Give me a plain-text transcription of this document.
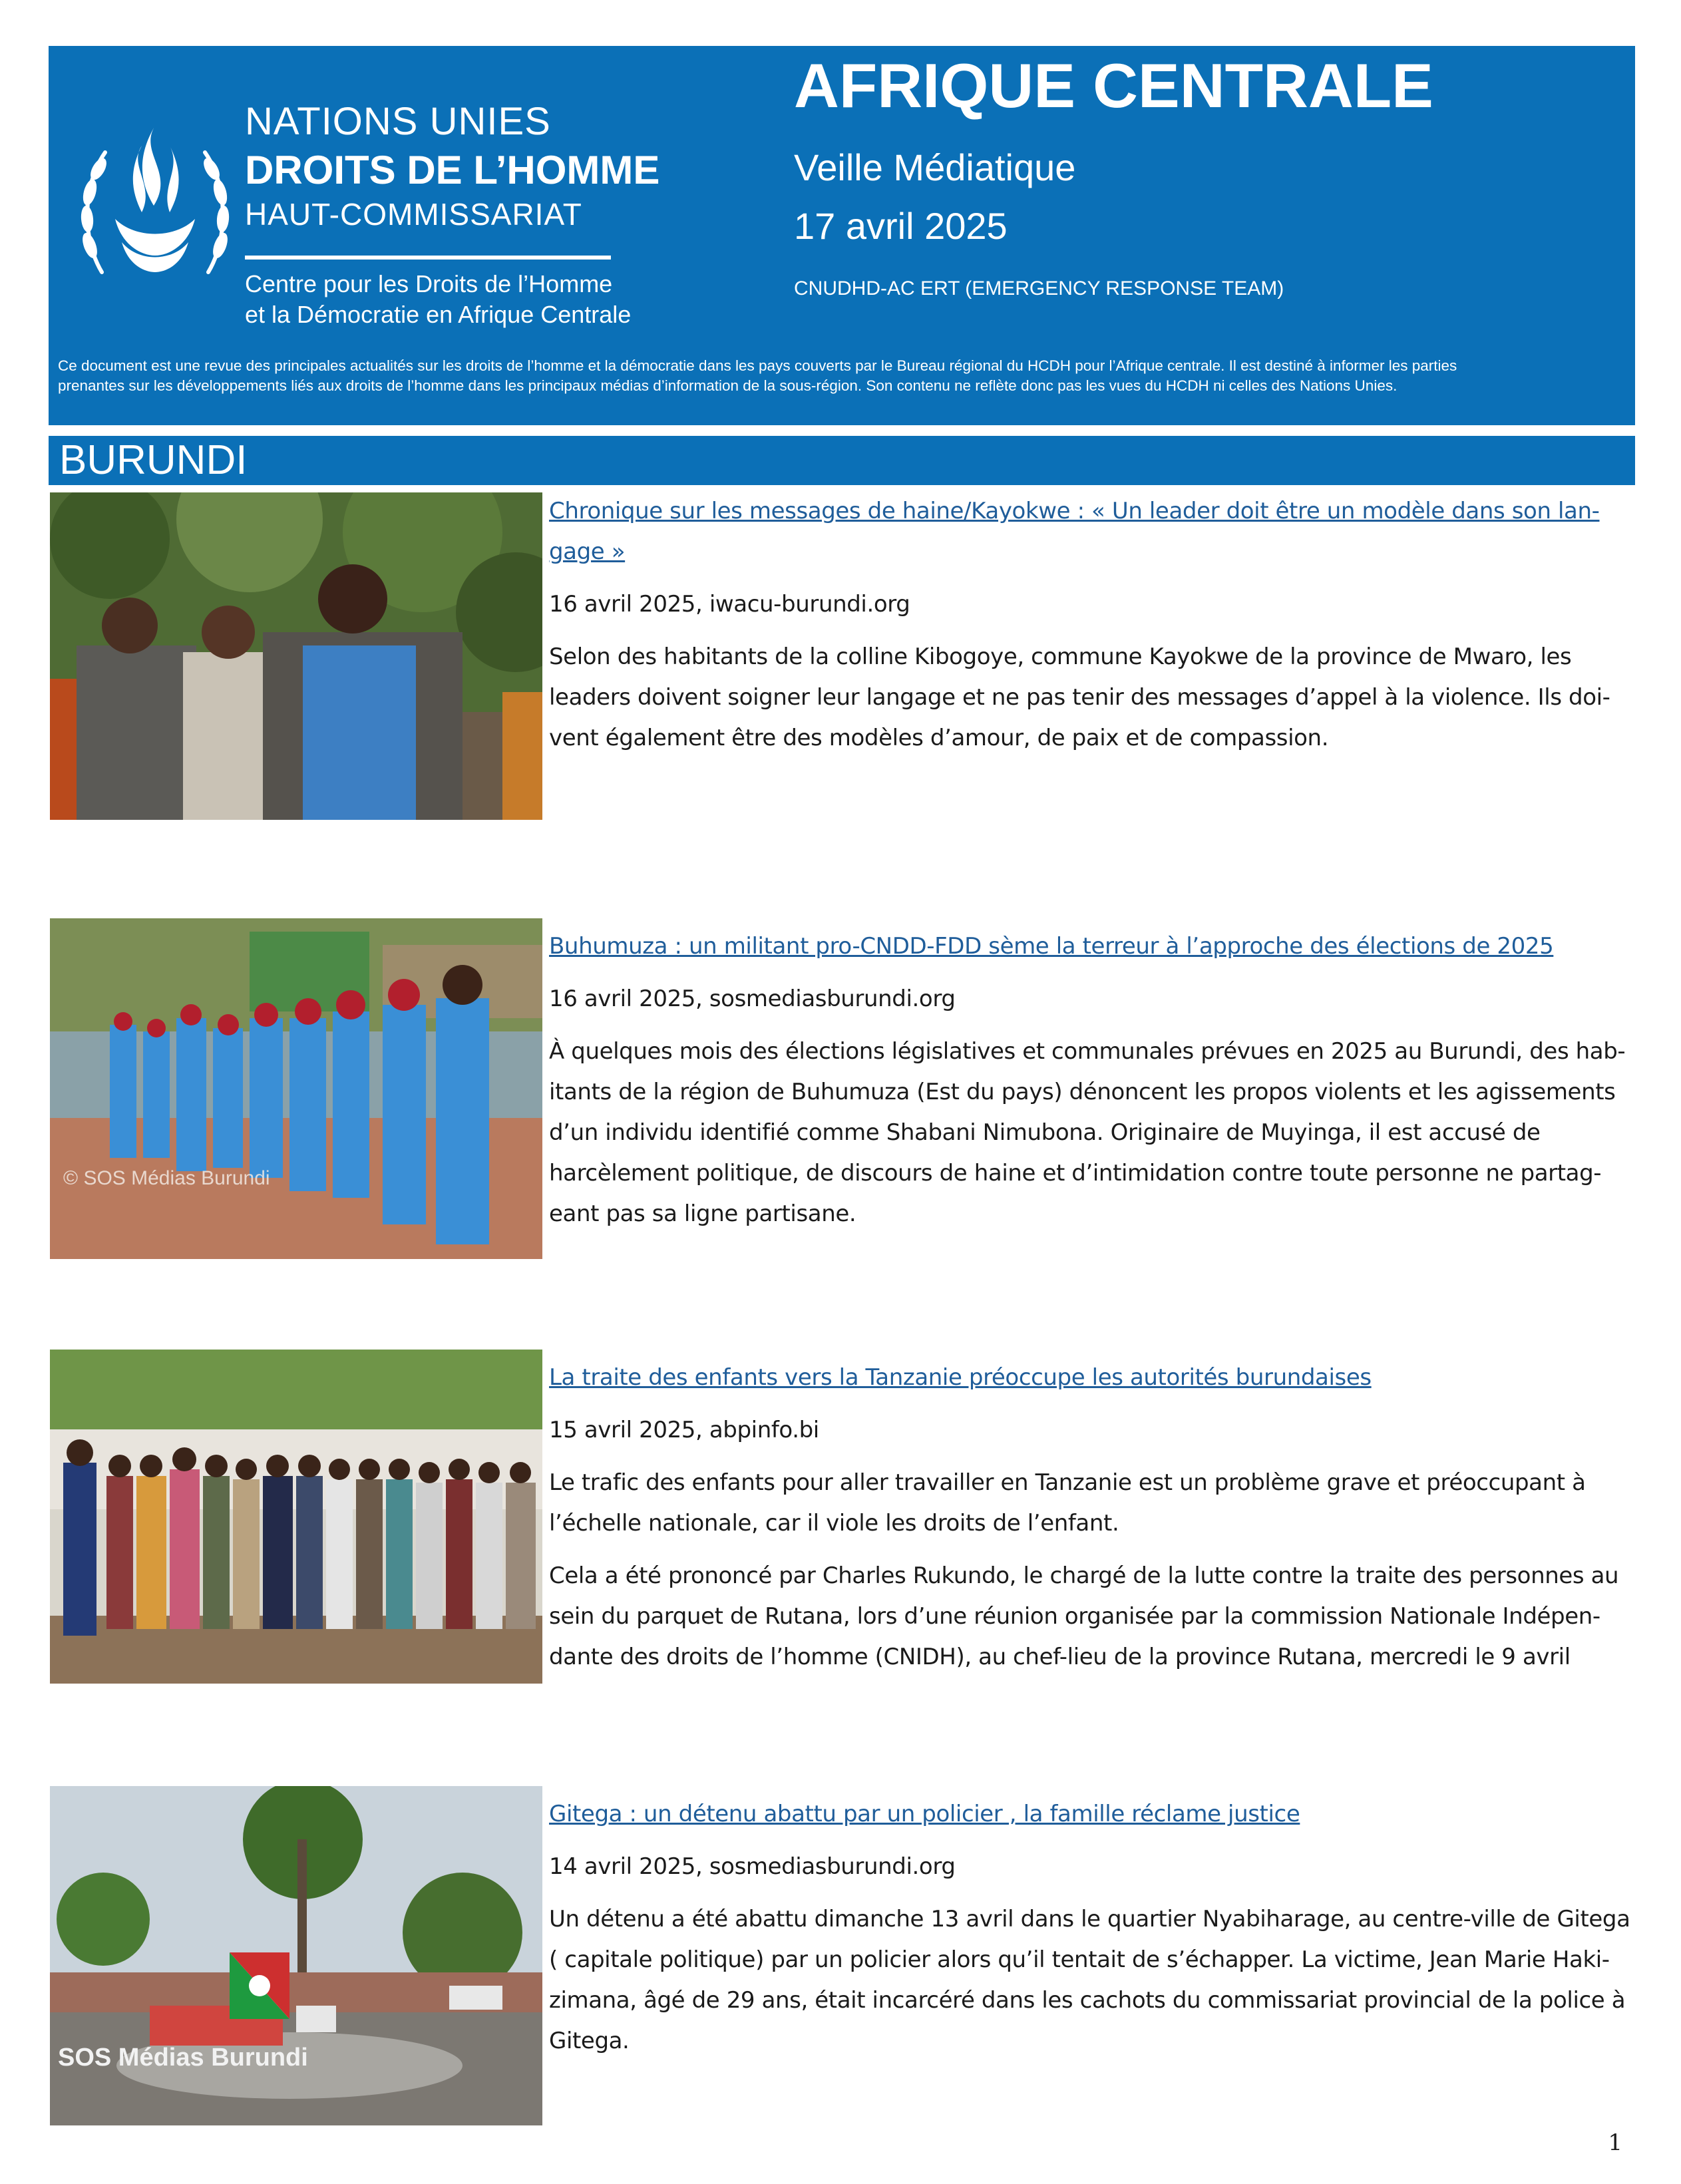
NATIONS UNIES
DROITS DE L’HOMME
HAUT-COMMISSARIAT
Centre pour les Droits de l’Homme
et la Démocratie en Afrique Centrale
AFRIQUE CENTRALE
Veille Médiatique
17 avril 2025
CNUDHD-AC ERT (EMERGENCY RESPONSE TEAM)
Ce document est une revue des principales actualités sur les droits de l’homme et la démocratie dans les pays couverts par le Bureau régional du HCDH pour l’Afrique centrale. Il est destiné à informer les parties
prenantes sur les développements liés aux droits de l’homme dans les principaux médias d’information de la sous-région. Son contenu ne reflète donc pas les vues du HCDH ni celles des Nations Unies.
BURUNDI
Chronique sur les messages de haine/Kayokwe : « Un leader doit être un modèle dans son lan-
gage »
16 avril 2025, iwacu-burundi.org
Selon des habitants de la colline Kibogoye, commune Kayokwe de la province de Mwaro, les
leaders doivent soigner leur langage et ne pas tenir des messages d’appel à la violence. Ils doi-
vent également être des modèles d’amour, de paix et de compassion.
© SOS Médias Burundi
Buhumuza : un militant pro-CNDD-FDD sème la terreur à l’approche des élections de 2025
16 avril 2025, sosmediasburundi.org
À quelques mois des élections législatives et communales prévues en 2025 au Burundi, des hab-
itants de la région de Buhumuza (Est du pays) dénoncent les propos violents et les agissements
d’un individu identifié comme Shabani Nimubona. Originaire de Muyinga, il est accusé de
harcèlement politique, de discours de haine et d’intimidation contre toute personne ne partag-
eant pas sa ligne partisane.
La traite des enfants vers la Tanzanie préoccupe les autorités burundaises
15 avril 2025, abpinfo.bi
Le trafic des enfants pour aller travailler en Tanzanie est un problème grave et préoccupant à
l’échelle nationale, car il viole les droits de l’enfant.
Cela a été prononcé par Charles Rukundo, le chargé de la lutte contre la traite des personnes au
sein du parquet de Rutana, lors d’une réunion organisée par la commission Nationale Indépen-
dante des droits de l’homme (CNIDH), au chef-lieu de la province Rutana, mercredi le 9 avril
SOS Médias Burundi
Gitega : un détenu abattu par un policier , la famille réclame justice
14 avril 2025, sosmediasburundi.org
Un détenu a été abattu dimanche 13 avril dans le quartier Nyabiharage, au centre-ville de Gitega
( capitale politique) par un policier alors qu’il tentait de s’échapper. La victime, Jean Marie Haki-
zimana, âgé de 29 ans, était incarcéré dans les cachots du commissariat provincial de la police à
Gitega.
1
